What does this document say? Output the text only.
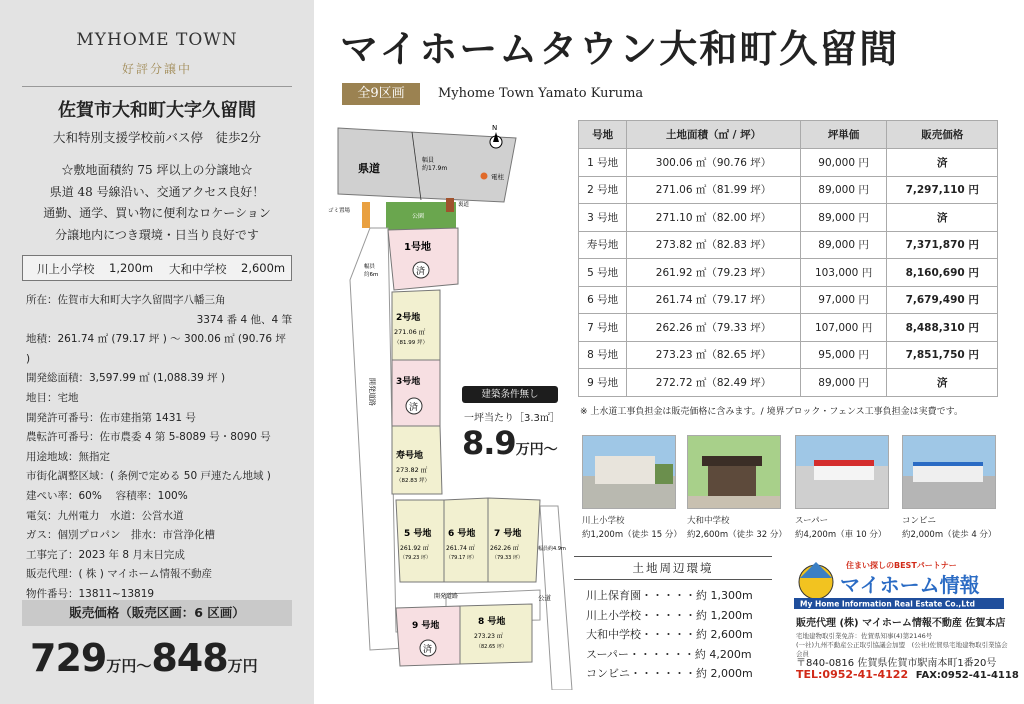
MYHOME TOWN
好評分譲中
佐賀市大和町大字久留間
大和特別支援学校前バス停　徒歩2分
☆敷地面積約 75 坪以上の分譲地☆
県道 48 号線沿い、交通アクセス良好！
通勤、通学、買い物に便利なロケーション
分譲地内につき環境・日当り良好です
川上小学校 1,200m 大和中学校 2,600m
所在：佐賀市大和町大字久留間字八幡三角
3374 番 4 他、4 筆
地積：261.74 ㎡ (79.17 坪 ) ～ 300.06 ㎡ (90.76 坪 )
開発総面積：3,597.99 ㎡ (1,088.39 坪 )
地目：宅地
開発許可番号：佐市建指第 1431 号
農転許可番号：佐市農委 4 第 5-8089 号・8090 号
用途地域：無指定
市街化調整区域：( 条例で定める 50 戸連たん地域 )
建ぺい率：60%　 容積率：100%
電気：九州電力　水道：公営水道
ガス：個別プロパン　排水：市営浄化槽
工事完了：2023 年 8 月末日完成
販売代理：( 株 ) マイホーム情報不動産
物件番号：13811~13819
販売価格（販売区画：6 区画）
729万円～848万円
マイホームタウン大和町久留間
全9区画	Myhome Town Yamato Kuruma
県道
幅員
約17.9m
N
電柱
公園
ゴミ置場
裏道
開発道路
幅員
約6m
開発道路	公道
幅員約4.9m
1号地
済
2号地
271.06 ㎡
（81.99 坪）
3号地
済
寿号地
273.82 ㎡
（82.83 坪）
5 号地
261.92 ㎡
（79.23 坪）
6 号地
261.74 ㎡
（79.17 坪）
7 号地
262.26 ㎡
（79.33 坪）
8 号地
273.23 ㎡
（82.65 坪）
9 号地
済
建築条件無し
一坪当たり［3.3㎡］
8.9万円～
号地	土地面積（㎡ / 坪）	坪単価	販売価格
1 号地	300.06 ㎡（90.76 坪）	90,000 円	済
2 号地	271.06 ㎡（81.99 坪）	89,000 円	7,297,110 円
3 号地	271.10 ㎡（82.00 坪）	89,000 円	済
寿号地	273.82 ㎡（82.83 坪）	89,000 円	7,371,870 円
5 号地	261.92 ㎡（79.23 坪）	103,000 円	8,160,690 円
6 号地	261.74 ㎡（79.17 坪）	97,000 円	7,679,490 円
7 号地	262.26 ㎡（79.33 坪）	107,000 円	8,488,310 円
8 号地	273.23 ㎡（82.65 坪）	95,000 円	7,851,750 円
9 号地	272.72 ㎡（82.49 坪）	89,000 円	済
※ 上水道工事負担金は販売価格に含みます。/ 境界ブロック・フェンス工事負担金は実費です。
川上小学校
約1,200m（徒歩 15 分）
大和中学校
約2,600m（徒歩 32 分）
スーパー
約4,200m（車 10 分）
コンビニ
約2,000m（徒歩 4 分）
土地周辺環境
川上保育園・・・・・約 1,300m
川上小学校・・・・・約 1,200m
大和中学校・・・・・約 2,600m
スーパー・・・・・・約 4,200m
コンビニ・・・・・・約 2,000m
住まい探しのBESTパートナー
マイホーム情報
My Home Information Real Estate Co.,Ltd
販売代理 (株) マイホーム情報不動産 佐賀本店
宅地建物取引業免許：佐賀県知事(4)第2146号
(一社)九州不動産公正取引協議会加盟　(公社)佐賀県宅地建物取引業協会会員
〒840-0816 佐賀県佐賀市駅南本町1番20号
TEL:0952-41-4122 FAX:0952-41-4118
